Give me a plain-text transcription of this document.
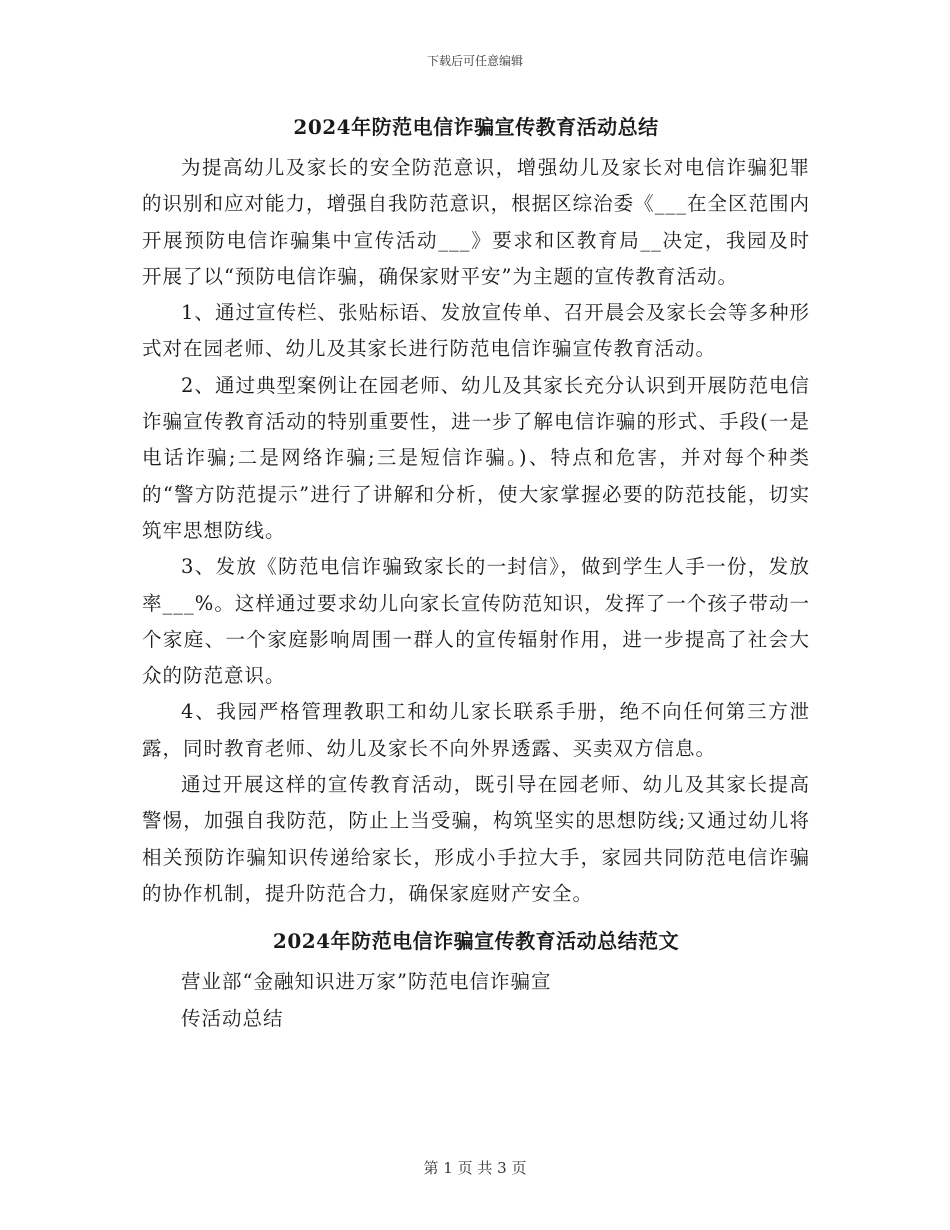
下载后可任意编辑
2024年防范电信诈骗宣传教育活动总结

为提高幼儿及家长的安全防范意识，增强幼儿及家长对电信诈骗犯罪的识别和应对能力，增强自我防范意识，根据区综治委《___在全区范围内开展预防电信诈骗集中宣传活动___》要求和区教育局__决定，我园及时开展了以“预防电信诈骗，确保家财平安”为主题的宣传教育活动。

1、通过宣传栏、张贴标语、发放宣传单、召开晨会及家长会等多种形式对在园老师、幼儿及其家长进行防范电信诈骗宣传教育活动。

2、通过典型案例让在园老师、幼儿及其家长充分认识到开展防范电信诈骗宣传教育活动的特别重要性，进一步了解电信诈骗的形式、手段(一是电话诈骗;二是网络诈骗;三是短信诈骗。)、特点和危害，并对每个种类的“警方防范提示”进行了讲解和分析，使大家掌握必要的防范技能，切实筑牢思想防线。

3、发放《防范电信诈骗致家长的一封信》，做到学生人手一份，发放率___%。这样通过要求幼儿向家长宣传防范知识，发挥了一个孩子带动一个家庭、一个家庭影响周围一群人的宣传辐射作用，进一步提高了社会大众的防范意识。

4、我园严格管理教职工和幼儿家长联系手册，绝不向任何第三方泄露，同时教育老师、幼儿及家长不向外界透露、买卖双方信息。

通过开展这样的宣传教育活动，既引导在园老师、幼儿及其家长提高警惕，加强自我防范，防止上当受骗，构筑坚实的思想防线;又通过幼儿将相关预防诈骗知识传递给家长，形成小手拉大手，家园共同防范电信诈骗的协作机制，提升防范合力，确保家庭财产安全。

2024年防范电信诈骗宣传教育活动总结范文

营业部“金融知识进万家”防范电信诈骗宣

传活动总结

第 1 页 共 3 页
